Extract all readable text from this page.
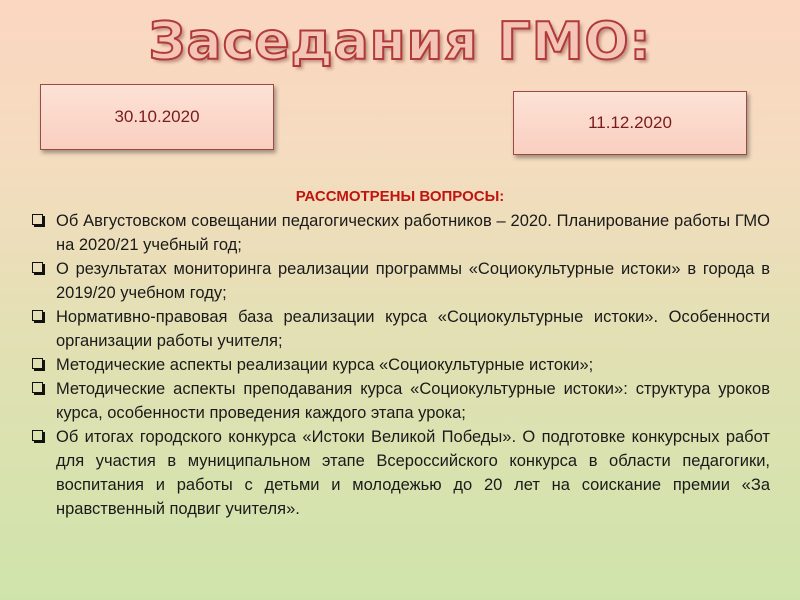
Заседания ГМО:
30.10.2020	11.12.2020
РАССМОТРЕНЫ ВОПРОСЫ:
Об Августовском совещании педагогических работников – 2020. Планирование работы ГМО на 2020/21 учебный год;
О результатах мониторинга реализации программы «Социокультурные истоки» в города в 2019/20 учебном году;
Нормативно-правовая база реализации курса «Социокультурные истоки». Особенности организации работы учителя;
Методические аспекты реализации курса «Социокультурные истоки»;
Методические аспекты преподавания курса «Социокультурные истоки»: структура уроков курса, особенности проведения каждого этапа урока;
Об итогах городского конкурса «Истоки Великой Победы». О подготовке конкурсных работ для участия в муниципальном этапе Всероссийского конкурса в области педагогики, воспитания и работы с детьми и молодежью до 20 лет на соискание премии «За нравственный подвиг учителя».
